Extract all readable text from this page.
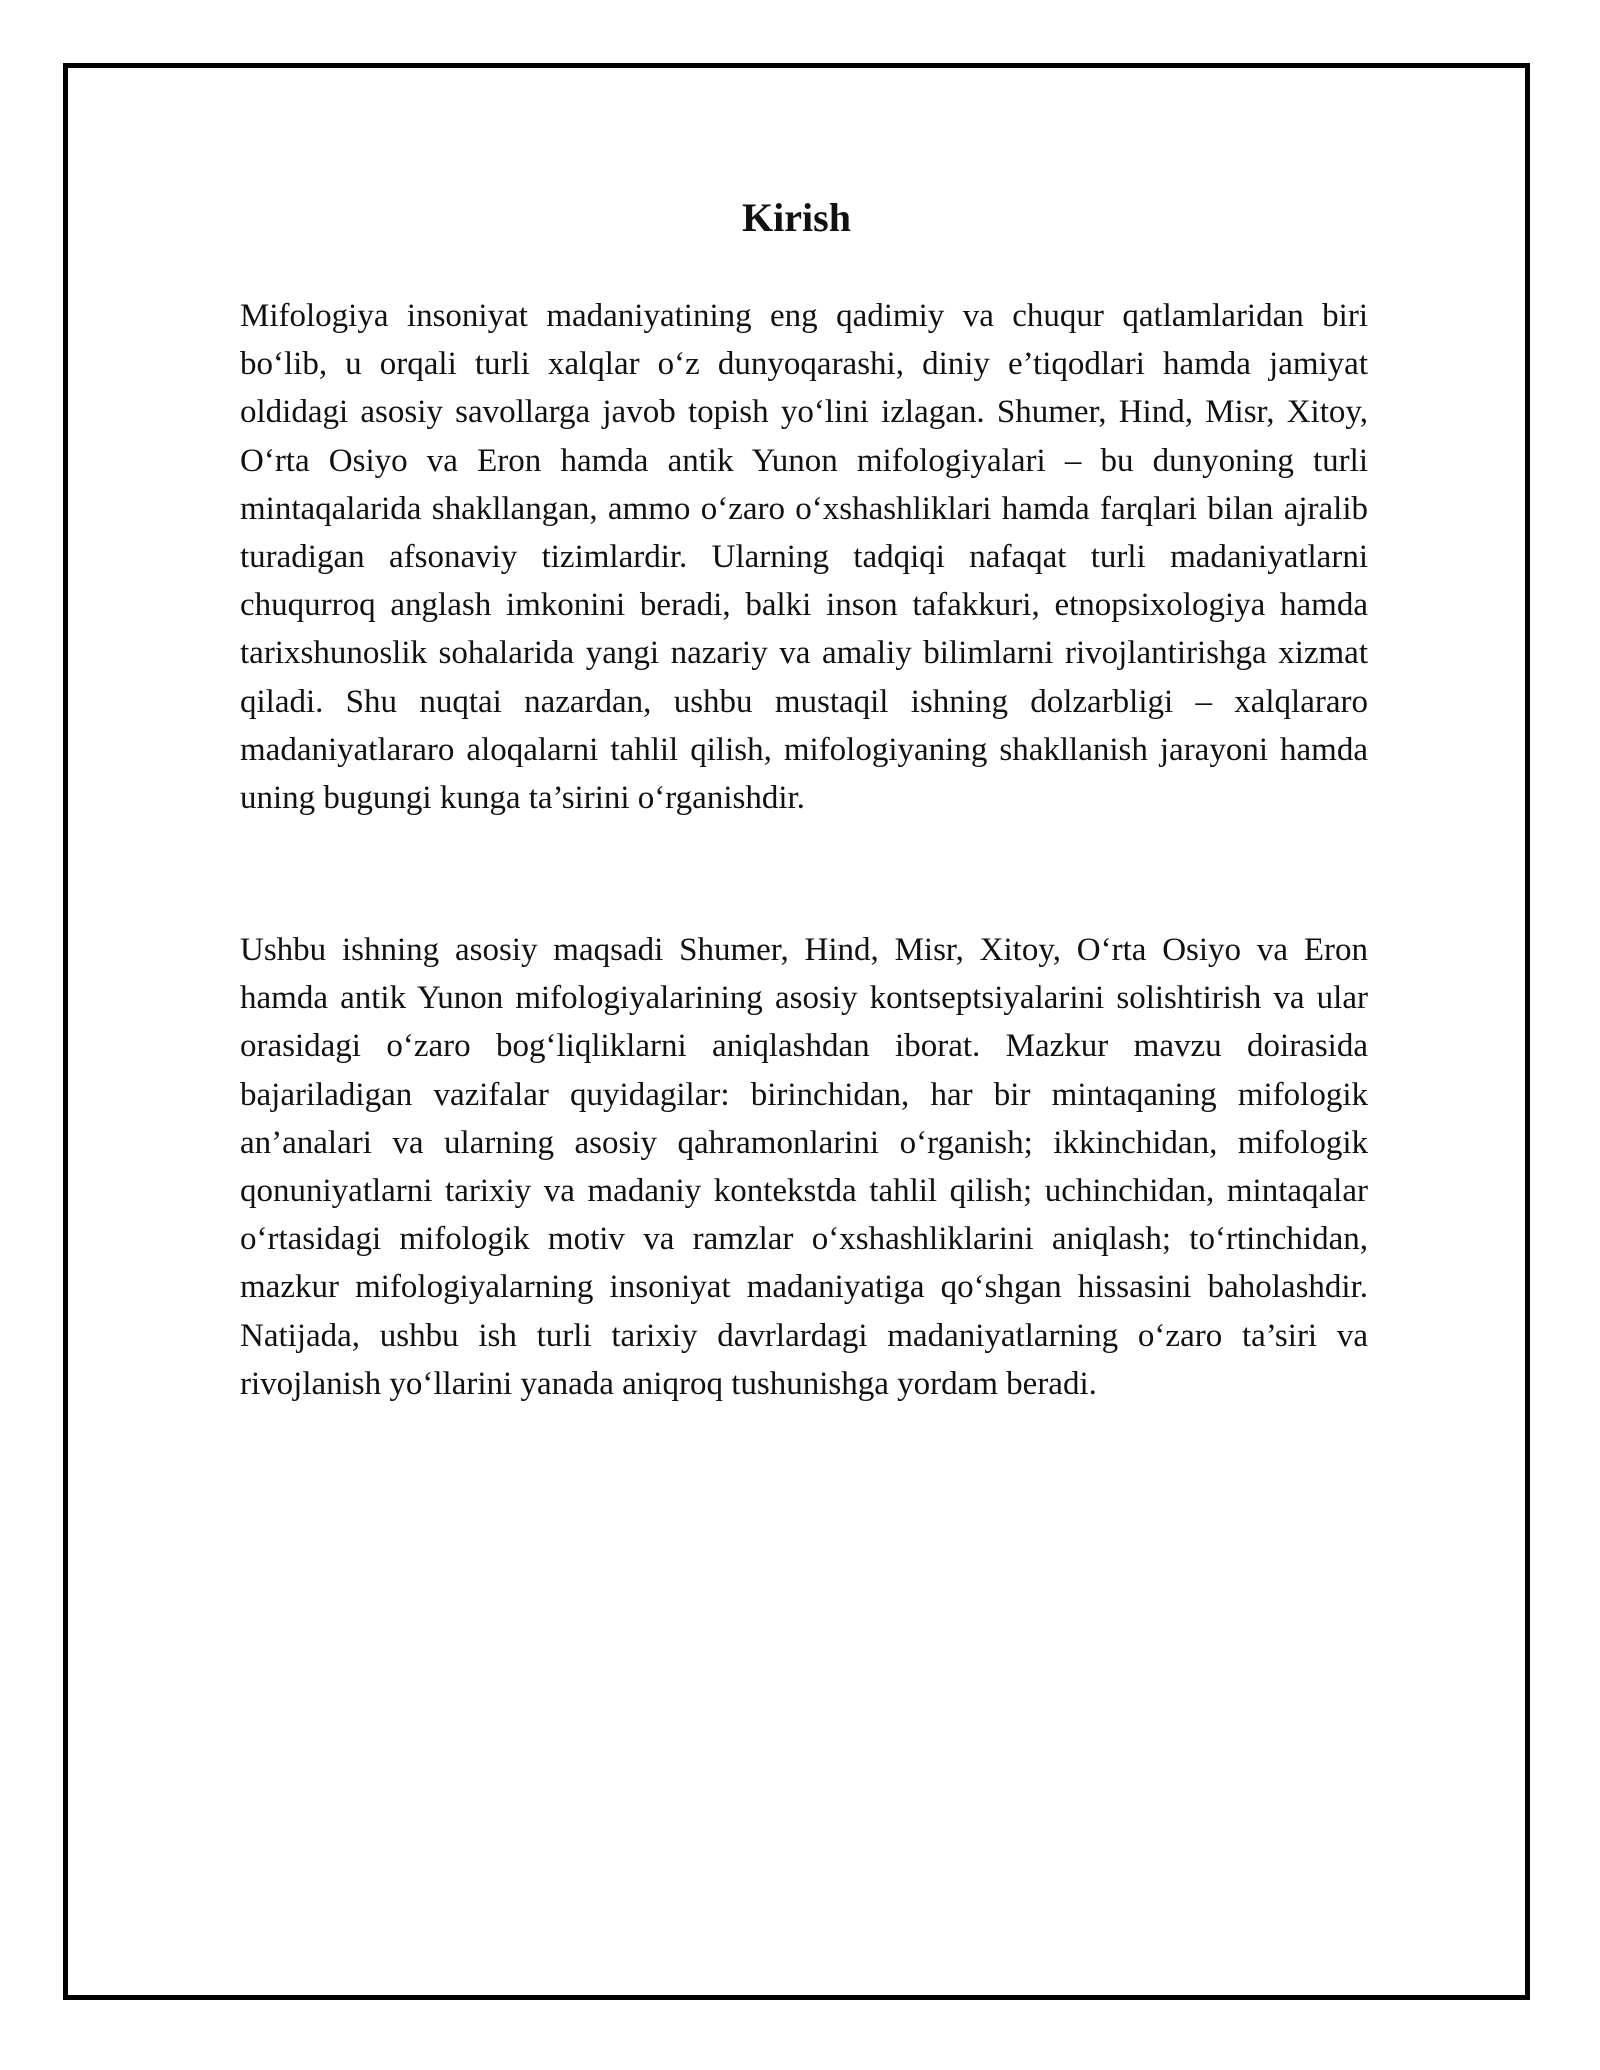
Kirish

Mifologiya insoniyat madaniyatining eng qadimiy va chuqur qatlamlaridan biri bo‘lib, u orqali turli xalqlar o‘z dunyoqarashi, diniy e’tiqodlari hamda jamiyat oldidagi asosiy savollarga javob topish yo‘lini izlagan. Shumer, Hind, Misr, Xitoy, O‘rta Osiyo va Eron hamda antik Yunon mifologiyalari – bu dunyoning turli mintaqalarida shakllangan, ammo o‘zaro o‘xshashliklari hamda farqlari bilan ajralib turadigan afsonaviy tizimlardir. Ularning tadqiqi nafaqat turli madaniyatlarni chuqurroq anglash imkonini beradi, balki inson tafakkuri, etnopsixologiya hamda tarixshunoslik sohalarida yangi nazariy va amaliy bilimlarni rivojlantirishga xizmat qiladi. Shu nuqtai nazardan, ushbu mustaqil ishning dolzarbligi – xalqlararo madaniyatlararo aloqalarni tahlil qilish, mifologiyaning shakllanish jarayoni hamda uning bugungi kunga ta’sirini o‘rganishdir.

Ushbu ishning asosiy maqsadi Shumer, Hind, Misr, Xitoy, O‘rta Osiyo va Eron hamda antik Yunon mifologiyalarining asosiy kontseptsiyalarini solishtirish va ular orasidagi o‘zaro bog‘liqliklarni aniqlashdan iborat. Mazkur mavzu doirasida bajariladigan vazifalar quyidagilar: birinchidan, har bir mintaqaning mifologik an’analari va ularning asosiy qahramonlarini o‘rganish; ikkinchidan, mifologik qonuniyatlarni tarixiy va madaniy kontekstda tahlil qilish; uchinchidan, mintaqalar o‘rtasidagi mifologik motiv va ramzlar o‘xshashliklarini aniqlash; to‘rtinchidan, mazkur mifologiyalarning insoniyat madaniyatiga qo‘shgan hissasini baholashdir. Natijada, ushbu ish turli tarixiy davrlardagi madaniyatlarning o‘zaro ta’siri va rivojlanish yo‘llarini yanada aniqroq tushunishga yordam beradi.
